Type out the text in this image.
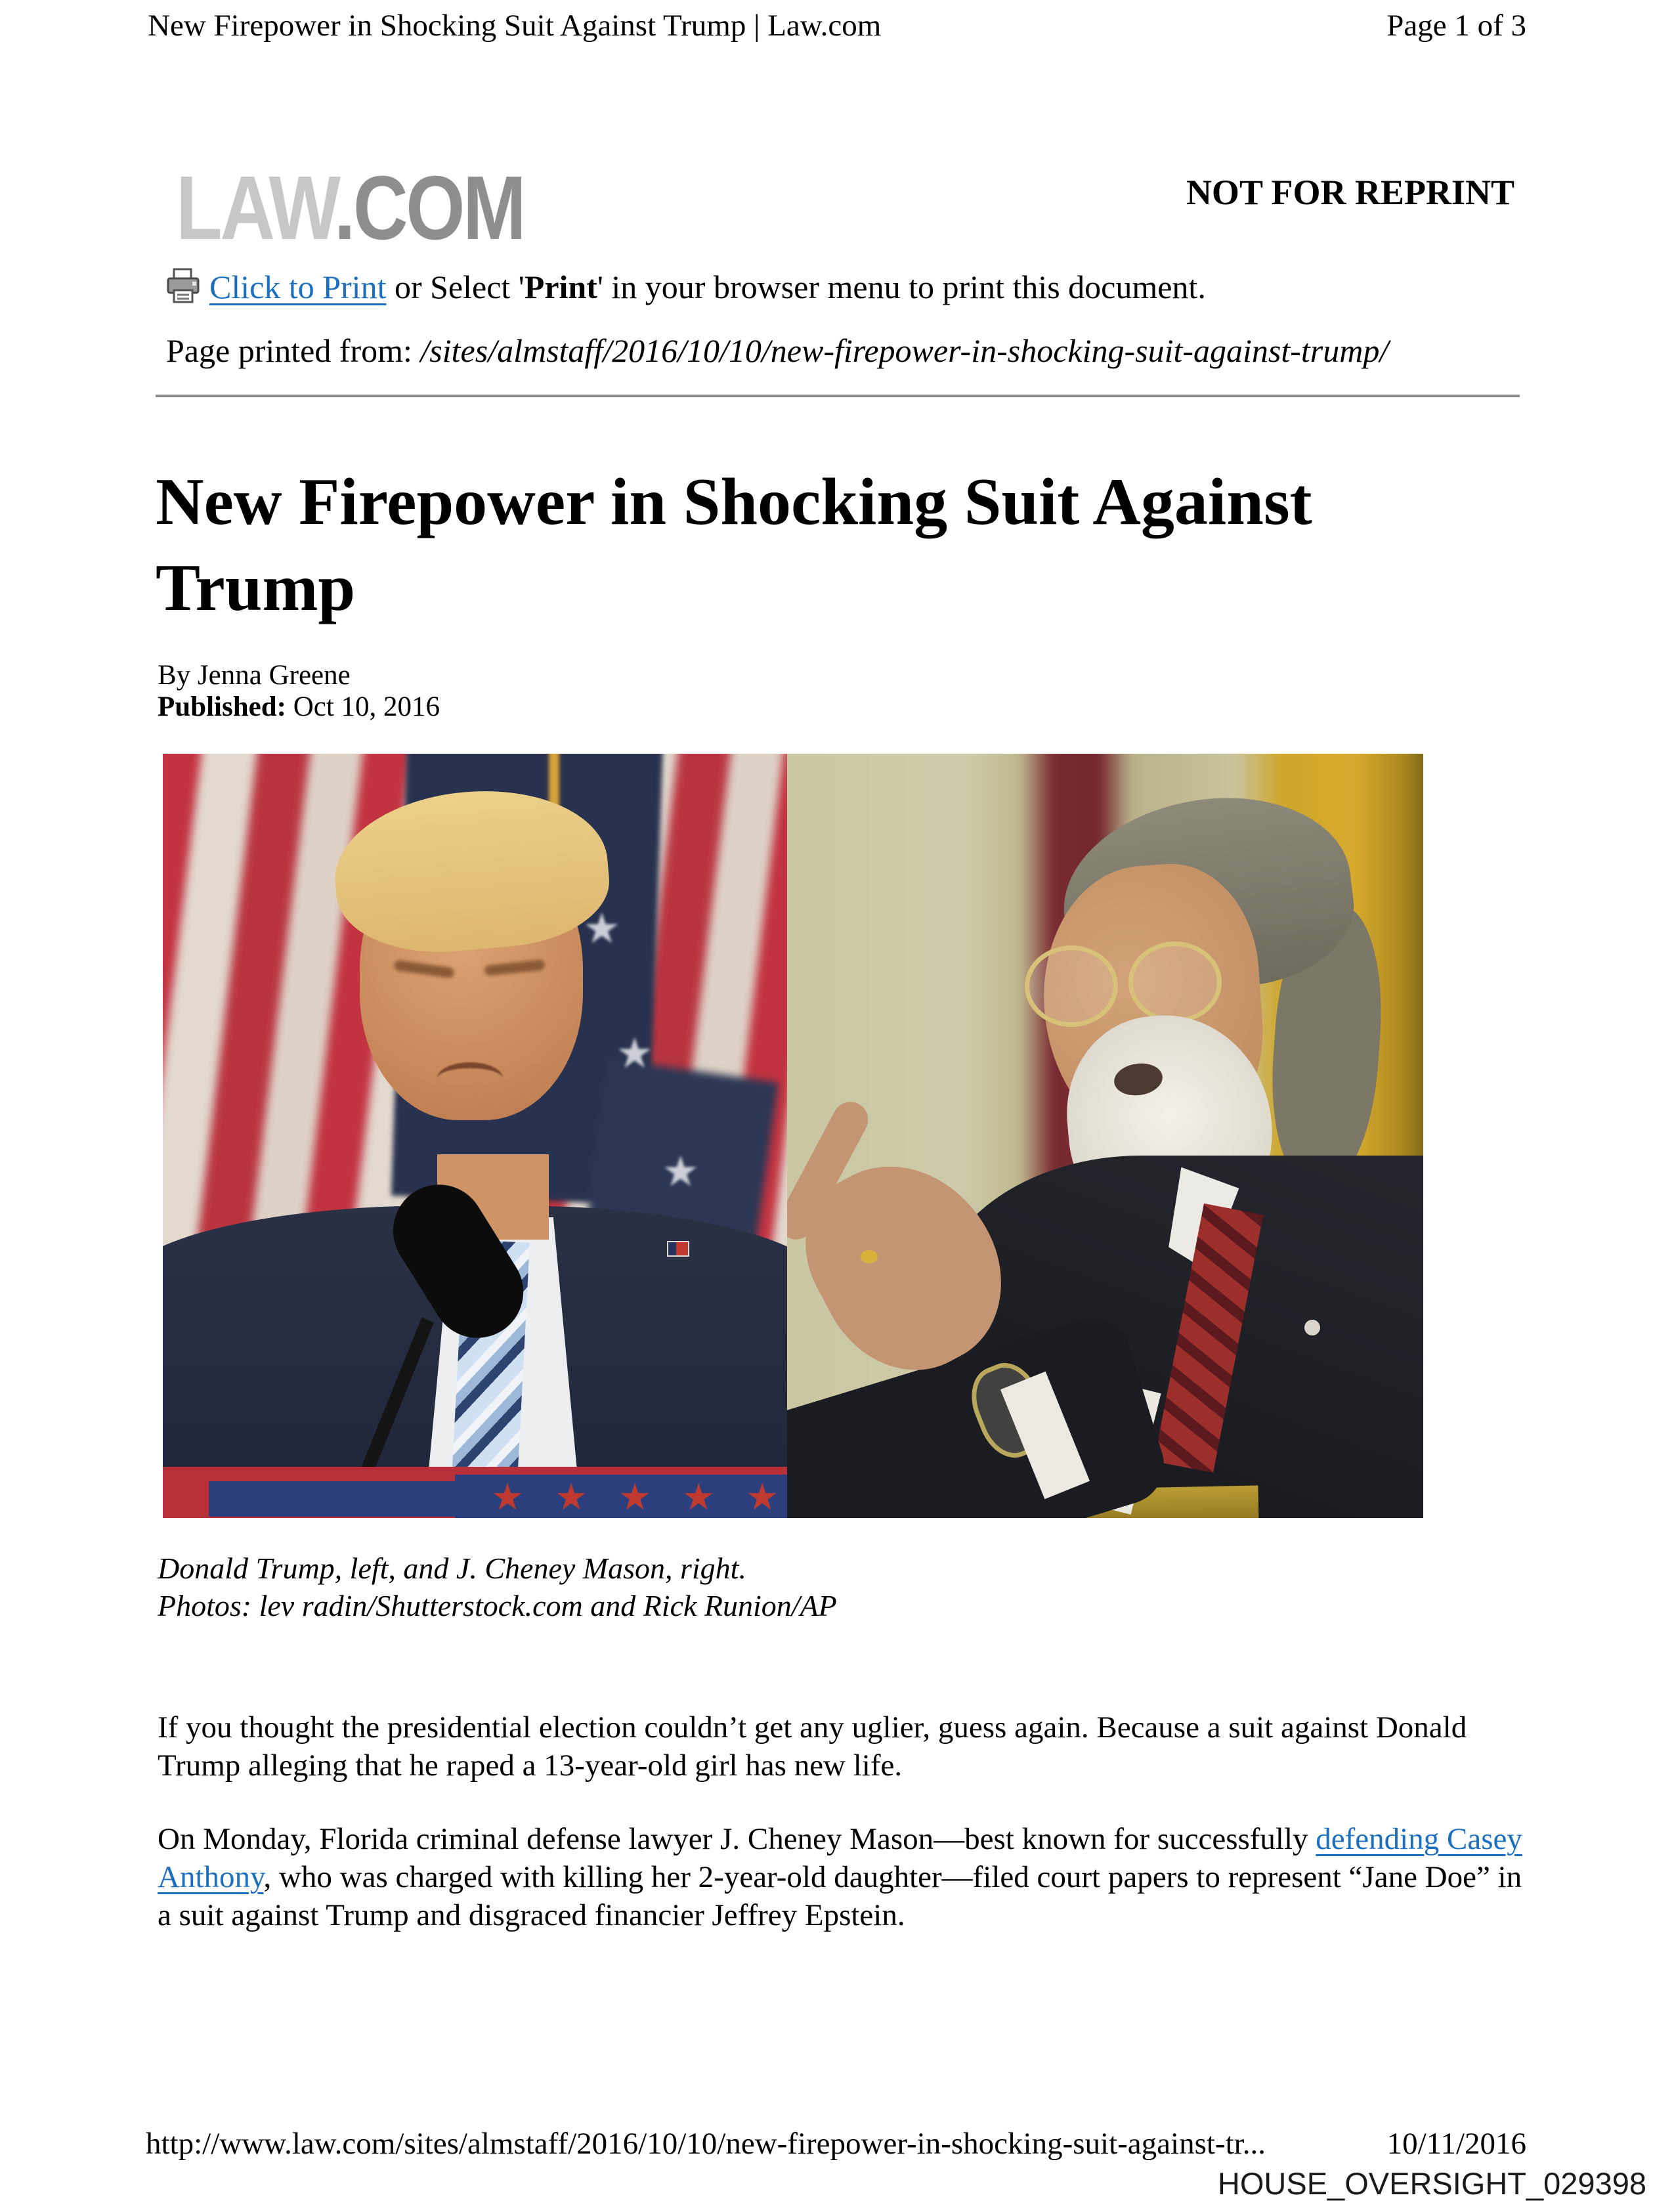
New Firepower in Shocking Suit Against Trump | Law.com	Page 1 of 3
LAW.COM	NOT FOR REPRINT
Click to Print or Select 'Print' in your browser menu to print this document.
Page printed from: /sites/almstaff/2016/10/10/new-firepower-in-shocking-suit-against-trump/
New Firepower in Shocking Suit Against
Trump
By Jenna Greene
Published: Oct 10, 2016
★
★
★
★ ★ ★ ★ ★
Donald Trump, left, and J. Cheney Mason, right.
Photos: lev radin/Shutterstock.com and Rick Runion/AP
If you thought the presidential election couldn’t get any uglier, guess again. Because a suit against Donald Trump alleging that he raped a 13-year-old girl has new life.
On Monday, Florida criminal defense lawyer J. Cheney Mason—best known for successfully defending Casey Anthony, who was charged with killing her 2-year-old daughter—filed court papers to represent “Jane Doe” in a suit against Trump and disgraced financier Jeffrey Epstein.
http://www.law.com/sites/almstaff/2016/10/10/new-firepower-in-shocking-suit-against-tr...	10/11/2016
HOUSE_OVERSIGHT_029398
